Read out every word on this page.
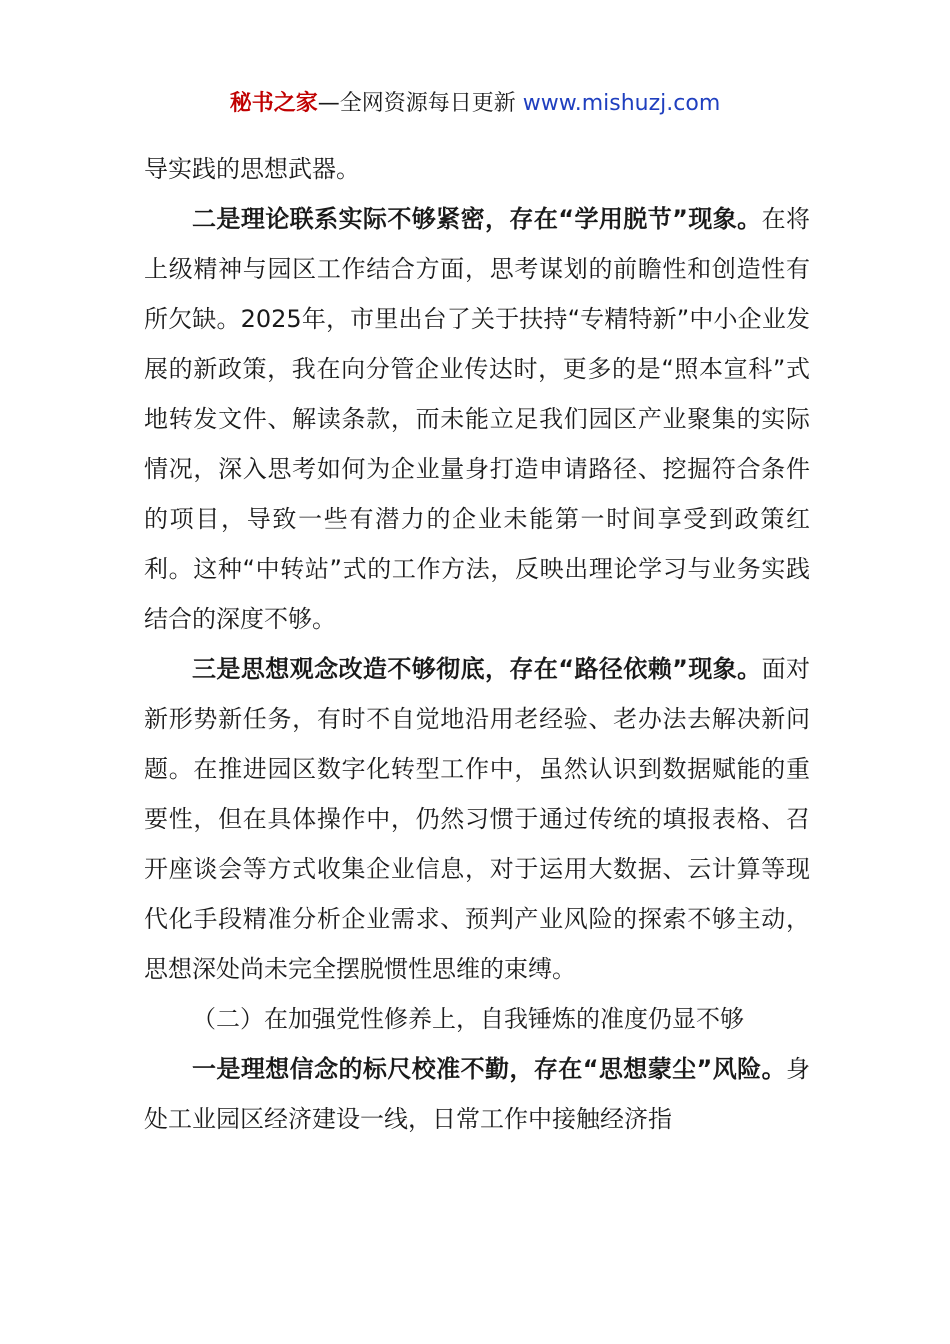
秘书之家—全网资源每日更新 www.mishuzj.com

导实践的思想武器。

二是理论联系实际不够紧密，存在“学用脱节”现象。在将上级精神与园区工作结合方面，思考谋划的前瞻性和创造性有所欠缺。2025年，市里出台了关于扶持“专精特新”中小企业发展的新政策，我在向分管企业传达时，更多的是“照本宣科”式地转发文件、解读条款，而未能立足我们园区产业聚集的实际情况，深入思考如何为企业量身打造申请路径、挖掘符合条件的项目，导致一些有潜力的企业未能第一时间享受到政策红利。这种“中转站”式的工作方法，反映出理论学习与业务实践结合的深度不够。

三是思想观念改造不够彻底，存在“路径依赖”现象。面对新形势新任务，有时不自觉地沿用老经验、老办法去解决新问题。在推进园区数字化转型工作中，虽然认识到数据赋能的重要性，但在具体操作中，仍然习惯于通过传统的填报表格、召开座谈会等方式收集企业信息，对于运用大数据、云计算等现代化手段精准分析企业需求、预判产业风险的探索不够主动，思想深处尚未完全摆脱惯性思维的束缚。

（二）在加强党性修养上，自我锤炼的准度仍显不够

一是理想信念的标尺校准不勤，存在“思想蒙尘”风险。身处工业园区经济建设一线，日常工作中接触经济指
